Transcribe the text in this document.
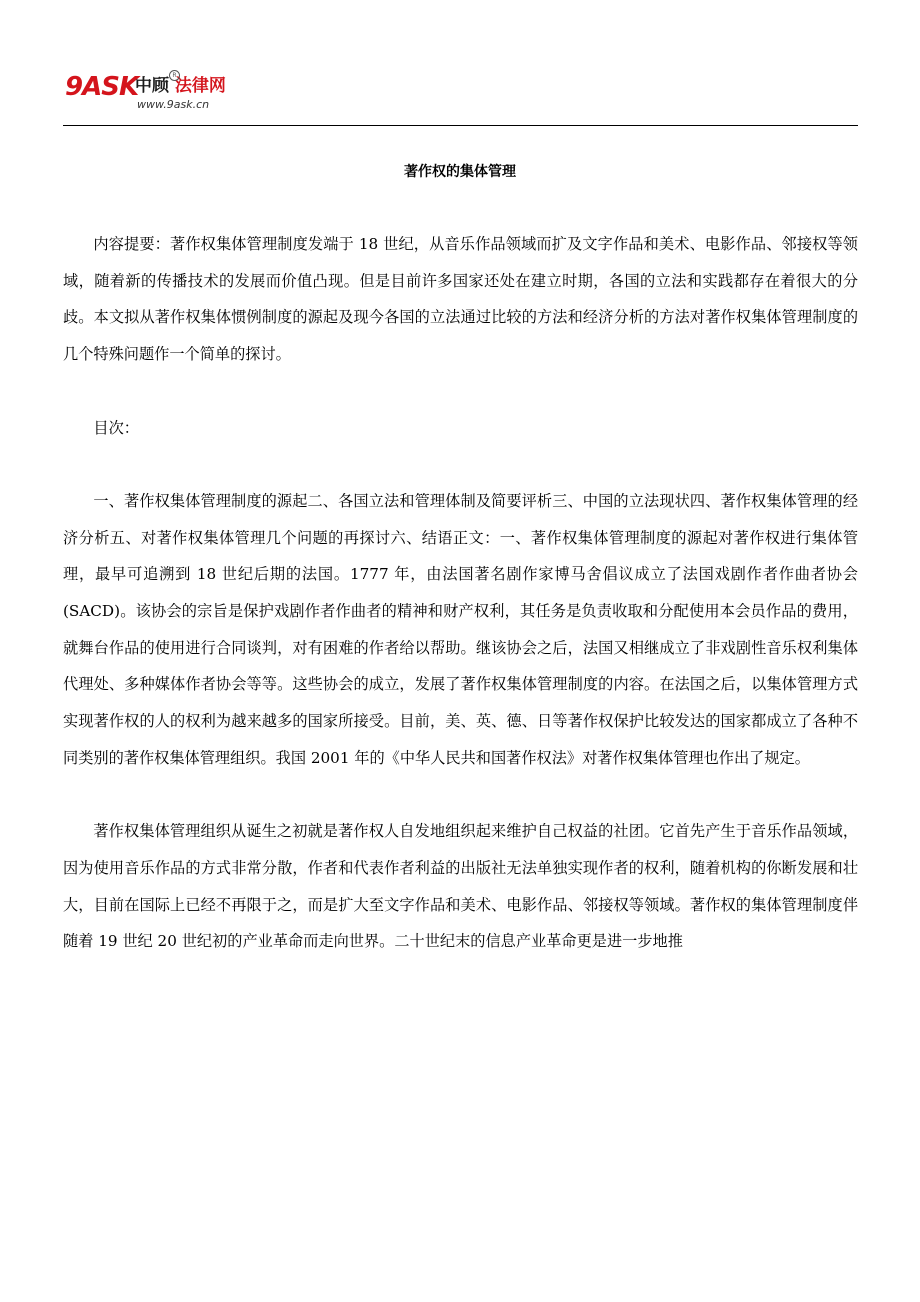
9ASK
中顾 法律网
R
www.9ask.cn
著作权的集体管理

内容提要：著作权集体管理制度发端于 18 世纪，从音乐作品领域而扩及文字作品和美术、电影作品、邻接权等领域，随着新的传播技术的发展而价值凸现。但是目前许多国家还处在建立时期，各国的立法和实践都存在着很大的分歧。本文拟从著作权集体惯例制度的源起及现今各国的立法通过比较的方法和经济分析的方法对著作权集体管理制度的几个特殊问题作一个简单的探讨。

目次：

一、著作权集体管理制度的源起二、各国立法和管理体制及简要评析三、中国的立法现状四、著作权集体管理的经济分析五、对著作权集体管理几个问题的再探讨六、结语正文：一、著作权集体管理制度的源起对著作权进行集体管理，最早可追溯到 18 世纪后期的法国。1777 年，由法国著名剧作家博马舍倡议成立了法国戏剧作者作曲者协会(SACD)。该协会的宗旨是保护戏剧作者作曲者的精神和财产权利，其任务是负责收取和分配使用本会员作品的费用，就舞台作品的使用进行合同谈判，对有困难的作者给以帮助。继该协会之后，法国又相继成立了非戏剧性音乐权利集体代理处、多种媒体作者协会等等。这些协会的成立，发展了著作权集体管理制度的内容。在法国之后，以集体管理方式实现著作权的人的权利为越来越多的国家所接受。目前，美、英、德、日等著作权保护比较发达的国家都成立了各种不同类别的著作权集体管理组织。我国 2001 年的《中华人民共和国著作权法》对著作权集体管理也作出了规定。

著作权集体管理组织从诞生之初就是著作权人自发地组织起来维护自己权益的社团。它首先产生于音乐作品领域，因为使用音乐作品的方式非常分散，作者和代表作者利益的出版社无法单独实现作者的权利，随着机构的你断发展和壮大，目前在国际上已经不再限于之，而是扩大至文字作品和美术、电影作品、邻接权等领域。著作权的集体管理制度伴随着 19 世纪 20 世纪初的产业革命而走向世界。二十世纪末的信息产业革命更是进一步地推
